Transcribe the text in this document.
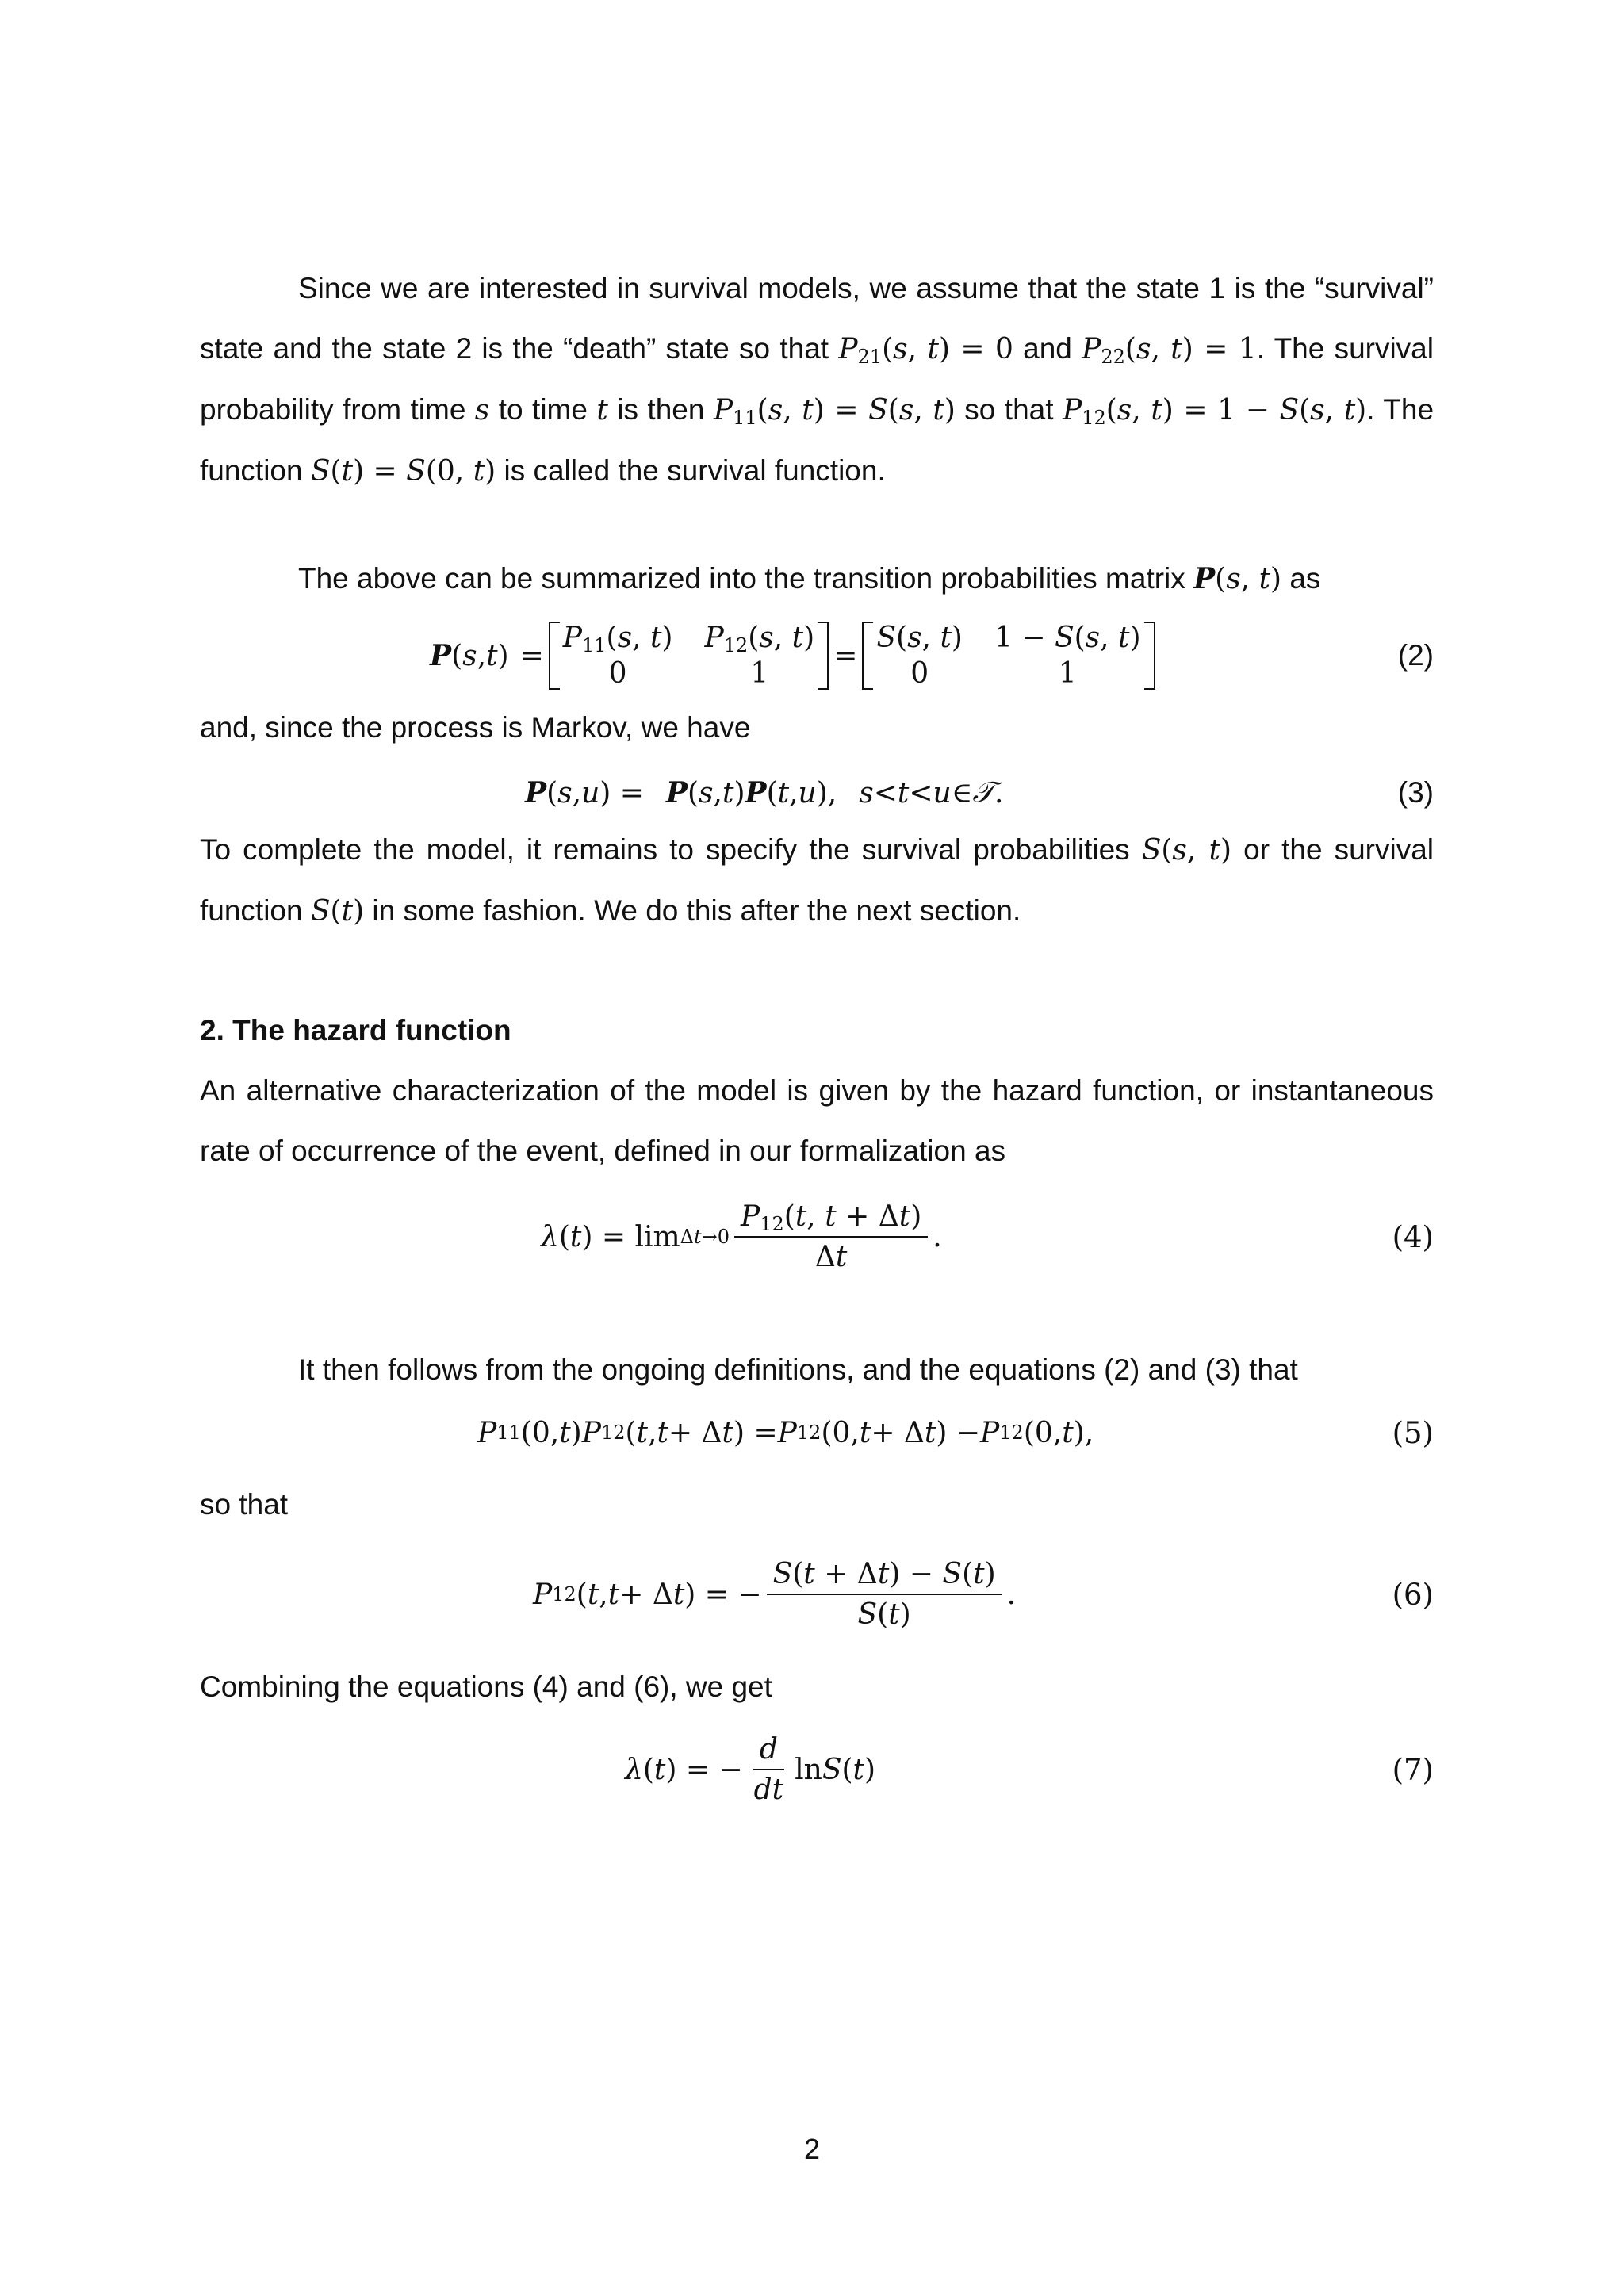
Since we are interested in survival models, we assume that the state 1 is the “survival” state and the state 2 is the “death” state so that $P_{21}(s$, t) = 0 and $P_{22}(s$, t) = 1. The survival probability from time s to time t is then $P_{11}(s$, t) = S(s, t) so that $P_{12}(s$, t) = 1 − S(s, t). The function S(t) = S(0, t) is called the survival function.

The above can be summarized into the transition probabilities matrix P(s, t) as

P ( s , t ) =
$P_{11}(s$, t) $P_{12}(s$, t)
0	1
=
S(s, t) 1 − S(s, t)
0	1
(2)

and, since the process is Markov, we have

P ( s , u ) = P ( s , t ) P ( t , u ), s < t < u ∈ 𝒯 .	(3)

To complete the model, it remains to specify the survival probabilities S(s, t) or the survival function S(t) in some fashion. We do this after the next section.

2. The hazard function

An alternative characterization of the model is given by the hazard function, or instantaneous rate of occurrence of the event, defined in our formalization as

λ ( t ) = $\lim \Delta t\to 0 \frac{P_{12}(t, t + \Delta t)}{\Delta t}$ .	(4)

It then follows from the ongoing definitions, and the equations (2) and (3) that

P 11 (0, t ) P 12 ( t , t + Δ t ) = P 12 (0, t + Δ t ) − P 12 (0, t ),	(5)

so that

P 12 ( t , t + Δ t ) = − $\frac{S(t + \Delta t) - S(t)}{S(t)}$ .	(6)

Combining the equations (4) and (6), we get

λ ( t ) = − $\frac{d}{dt}$ ln S ( t )	(7)
2
